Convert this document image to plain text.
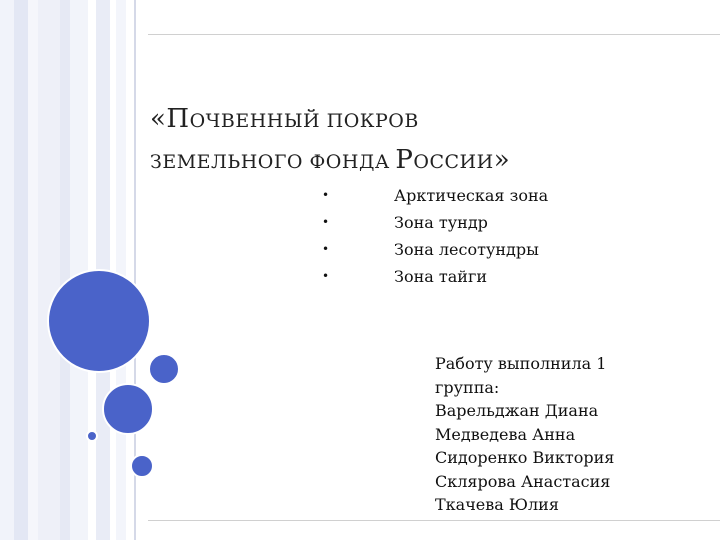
«ПОЧВЕННЫЙ ПОКРОВ
ЗЕМЕЛЬНОГО ФОНДА РОССИИ»
•	Арктическая зона
•	Зона тундр
•	Зона лесотундры
•	Зона тайги
Работу выполнила 1
группа:
Варельджан Диана
Медведева Анна
Сидоренко Виктория
Склярова Анастасия
Ткачева Юлия
